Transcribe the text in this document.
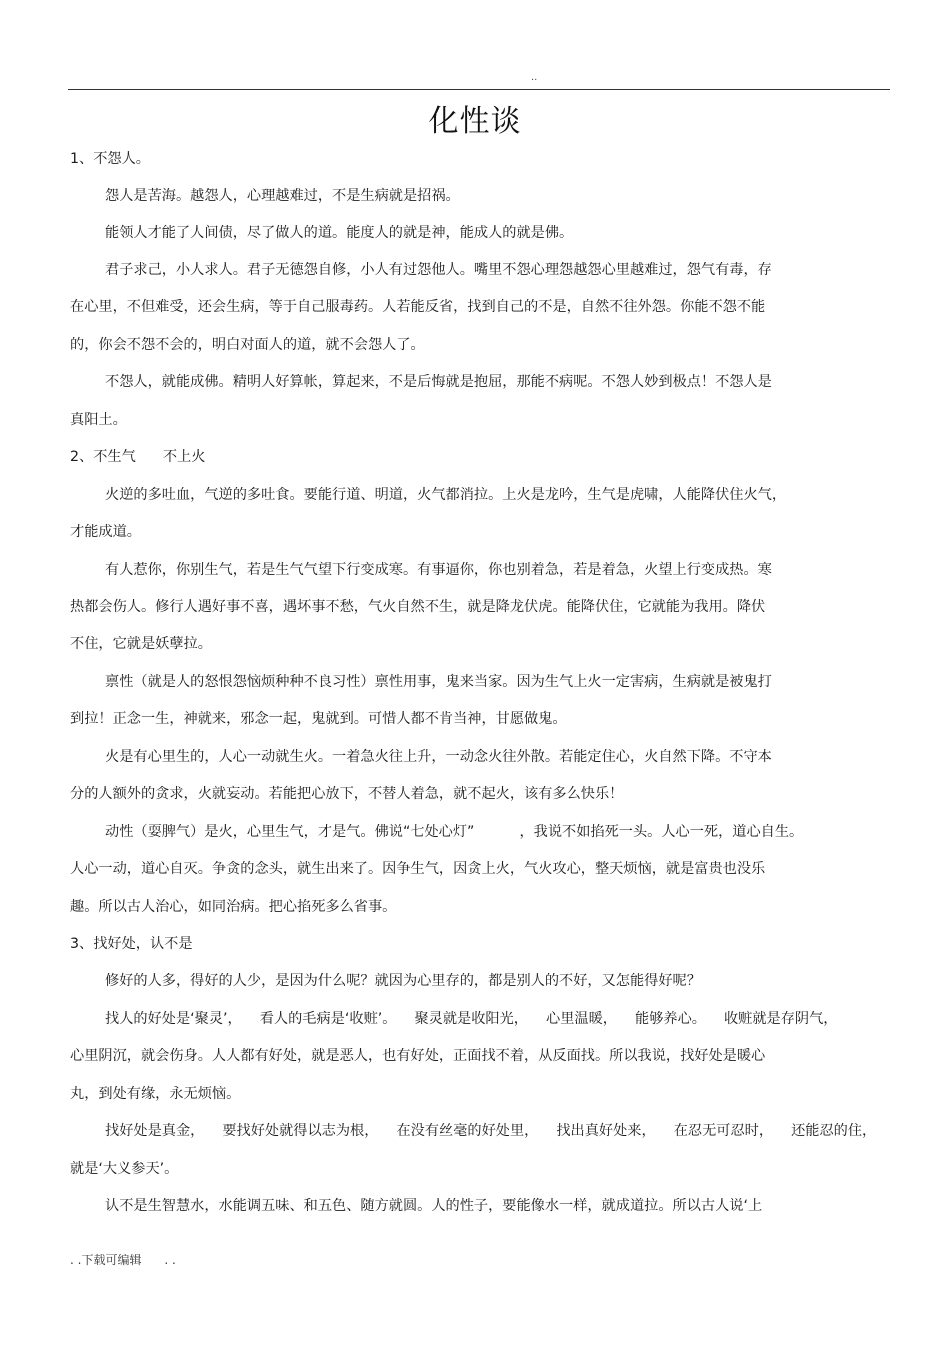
..
化性谈
1、不怨人。
怨人是苦海。越怨人，心理越难过，不是生病就是招祸。
能领人才能了人间债，尽了做人的道。能度人的就是神，能成人的就是佛。
君子求己，小人求人。君子无德怨自修，小人有过怨他人。嘴里不怨心理怨越怨心里越难过，怨气有毒，存
在心里，不但难受，还会生病，等于自己服毒药。人若能反省，找到自己的不是，自然不往外怨。你能不怨不能
的，你会不怨不会的，明白对面人的道，就不会怨人了。
不怨人，就能成佛。精明人好算帐，算起来，不是后悔就是抱屈，那能不病呢。不怨人妙到极点！不怨人是
真阳土。
2、不生气      不上火
火逆的多吐血，气逆的多吐食。要能行道、明道，火气都消拉。上火是龙吟，生气是虎啸，人能降伏住火气，
才能成道。
有人惹你，你别生气，若是生气气望下行变成寒。有事逼你，你也别着急，若是着急，火望上行变成热。寒
热都会伤人。修行人遇好事不喜，遇坏事不愁，气火自然不生，就是降龙伏虎。能降伏住，它就能为我用。降伏
不住，它就是妖孽拉。
禀性（就是人的怒恨怨恼烦种种不良习性）禀性用事，鬼来当家。因为生气上火一定害病，生病就是被鬼打
到拉！正念一生，神就来，邪念一起，鬼就到。可惜人都不肯当神，甘愿做鬼。
火是有心里生的，人心一动就生火。一着急火往上升，一动念火往外散。若能定住心，火自然下降。不守本
分的人额外的贪求，火就妄动。若能把心放下，不替人着急，就不起火，该有多么快乐！
动性（耍脾气）是火，心里生气，才是气。佛说“七处心灯”          ，我说不如掐死一头。人心一死，道心自生。
人心一动，道心自灭。争贪的念头，就生出来了。因争生气，因贪上火，气火攻心，整天烦恼，就是富贵也没乐
趣。所以古人治心，如同治病。把心掐死多么省事。
3、找好处，认不是
修好的人多，得好的人少，是因为什么呢？就因为心里存的，都是别人的不好，又怎能得好呢？
找人的好处是‘聚灵’，    看人的毛病是‘收赃’。    聚灵就是收阳光，    心里温暖，    能够养心。    收赃就是存阴气，
心里阴沉，就会伤身。人人都有好处，就是恶人，也有好处，正面找不着，从反面找。所以我说，找好处是暖心
丸，到处有缘，永无烦恼。
找好处是真金，    要找好处就得以志为根，    在没有丝毫的好处里，    找出真好处来，    在忍无可忍时，    还能忍的住，
就是‘大义参天’。
认不是生智慧水，水能调五味、和五色、随方就圆。人的性子，要能像水一样，就成道拉。所以古人说‘上
. .下载可编辑      . .
